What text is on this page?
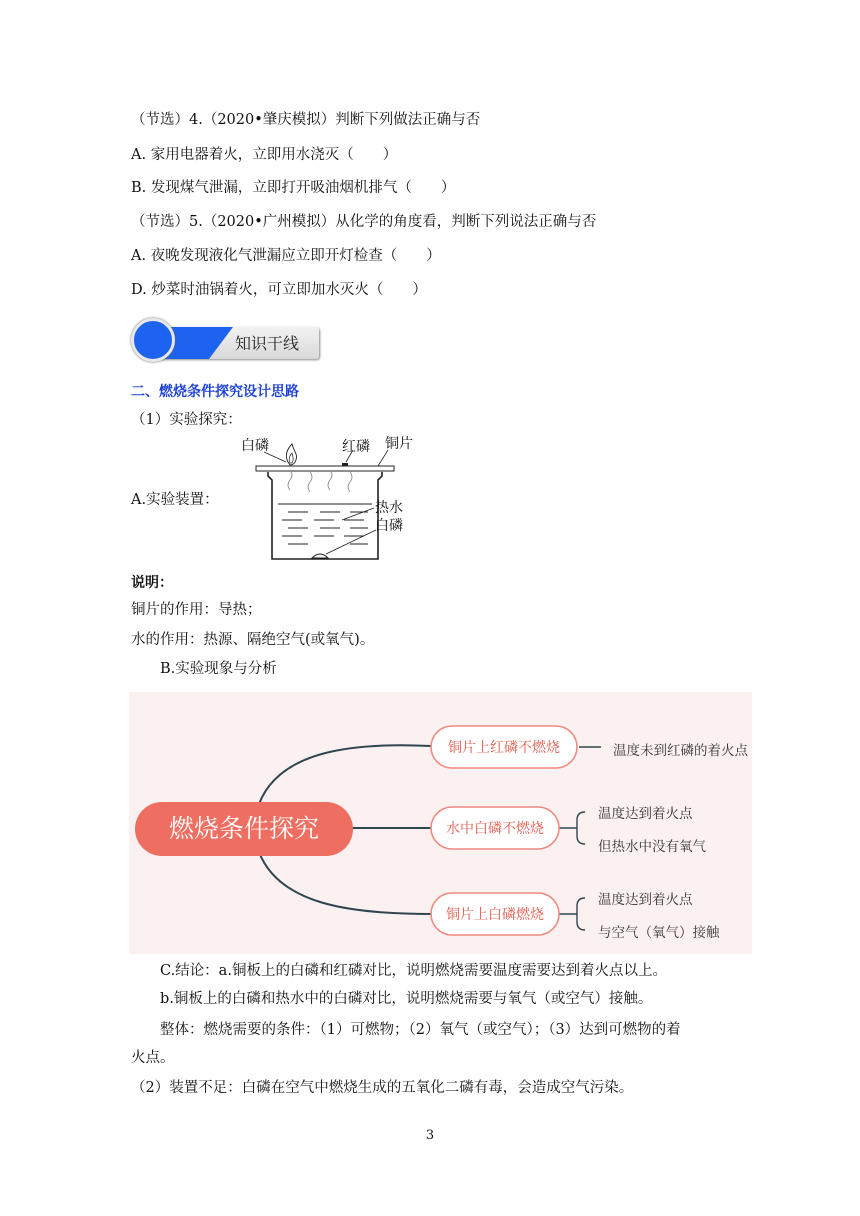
（节选）4.（2020•肇庆模拟）判断下列做法正确与否
A. 家用电器着火，立即用水浇灭（　　）
B. 发现煤气泄漏，立即打开吸油烟机排气（　　）
（节选）5.（2020•广州模拟）从化学的角度看，判断下列说法正确与否
A. 夜晚发现液化气泄漏应立即开灯检查（　　）
D. 炒菜时油锅着火，可立即加水灭火（　　）
知识干线
二、燃烧条件探究设计思路
（1）实验探究：
A.实验装置：
白磷	红磷 铜片
热水
白磷
说明：
铜片的作用：导热；
水的作用：热源、隔绝空气(或氧气)。
B.实验现象与分析
燃烧条件探究
铜片上红磷不燃烧
水中白磷不燃烧
铜片上白磷燃烧
温度未到红磷的着火点
温度达到着火点
但热水中没有氧气
温度达到着火点
与空气（氧气）接触
C.结论：a.铜板上的白磷和红磷对比，说明燃烧需要温度需要达到着火点以上。
b.铜板上的白磷和热水中的白磷对比，说明燃烧需要与氧气（或空气）接触。
整体：燃烧需要的条件：（1）可燃物；（2）氧气（或空气）；（3）达到可燃物的着
火点。
（2）装置不足：白磷在空气中燃烧生成的五氧化二磷有毒，会造成空气污染。
3
